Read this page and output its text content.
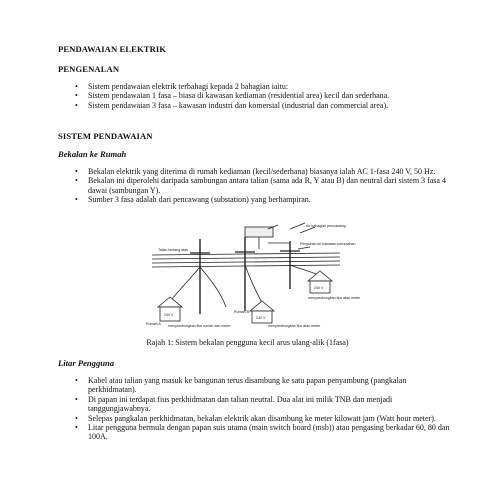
PENDAWAIAN ELEKTRIK
PENGENALAN
• Sistem pendawaian elektrik terbahagi kepada 2 bahagian iaitu:
• Sistem pendawaian 1 fasa – biasa di kawasan kediaman (residential area) kecil dan sederhana.
• Sistem pendawaian 3 fasa – kawasan industri dan komersial (industrial dan commercial area).
SISTEM PENDAWAIAN
Bekalan ke Rumah
• Bekalan elektrik yang diterima di rumah kediaman (kecil/sederhana) biasanya ialah AC 1-fasa 240 V, 50 Hz.
• Bekalan ini diperolehi daripada sambungan antara talian (sama ada R, Y atau B) dan neutral dari sistem 3 fasa 4 dawai (sambungan Y).
• Sumber 3 fasa adalah dari pencawang (substation) yang berhampiran.
Ke bahagian pencawang
Pengubah ke kawasan perumahan
Talian kedang atas
240 V
240 V
240 V
menyambungkan fius atau meter
Rumah B
Rumah A menyambungkan fius rumah dan meter	menyambungkan fius atau meter
Rajah 1: Sistem bekalan pengguna kecil arus ulang-alik (1fasa)
Litar Pengguna
• Kabel atau talian yang masuk ke bangunan terus disambung ke satu papan penyambung (pangkalan perkhidmatan).
• Di papan ini terdapat fius perkhidmatan dan talian neutral. Dua alat ini milik TNB dan menjadi tanggungjawabnya.
• Selepas pangkalan perkhidmatan, bekalan elektrik akan disambung ke meter kilowatt jam (Watt hour meter).
• Litar pengguna bermula dengan papan suis utama (main switch board (msb)) atau pengasing berkadar 60, 80 dan 100A.
